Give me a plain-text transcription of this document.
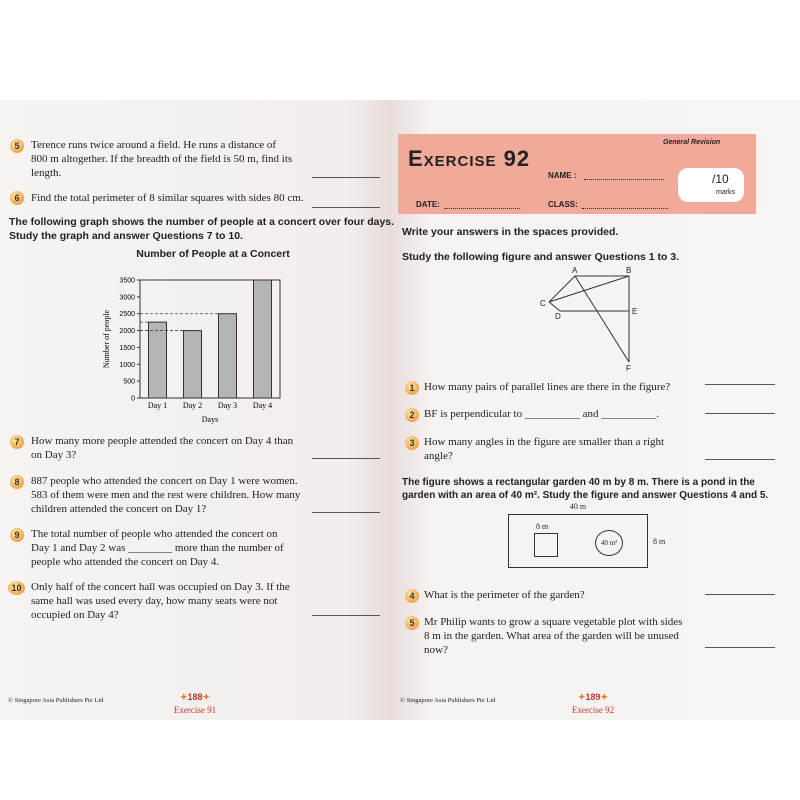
5	Terence runs twice around a field. He runs a distance of
800 m altogether. If the breadth of the field is 50 m, find its
length.
6	Find the total perimeter of 8 similar squares with sides 80 cm.
The following graph shows the number of people at a concert over four days.
Study the graph and answer Questions 7 to 10.
Number of People at a Concert
0
500
1000
1500
2000
2500
3000
3500
Day 1 Day 2 Day 3 Day 4
Days
Number of people
7	How many more people attended the concert on Day 4 than
on Day 3?
8	887 people who attended the concert on Day 1 were women.
583 of them were men and the rest were children. How many
children attended the concert on Day 1?
9	The total number of people who attended the concert on
Day 1 and Day 2 was ________ more than the number of
people who attended the concert on Day 4.
10 Only half of the concert hall was occupied on Day 3. If the
same hall was used every day, how many seats were not
occupied on Day 4?
© Singapore Asia Publishers Pte Ltd	✦188✦
Exercise 91
General Revision
Exercise 92
NAME :
DATE:	CLASS:
/10
marks
Write your answers in the spaces provided.
Study the following figure and answer Questions 1 to 3.
A	B
C
D
E
F
1 How many pairs of parallel lines are there in the figure?
2 BF is perpendicular to __________ and __________.
3 How many angles in the figure are smaller than a right
angle?
The figure shows a rectangular garden 40 m by 8 m. There is a pond in the
garden with an area of 40 m². Study the figure and answer Questions 4 and 5.
40 m
8 m
40 m²	8 m
4 What is the perimeter of the garden?
5 Mr Philip wants to grow a square vegetable plot with sides
8 m in the garden. What area of the garden will be unused
now?
© Singapore Asia Publishers Pte Ltd	✦189✦
Exercise 92
